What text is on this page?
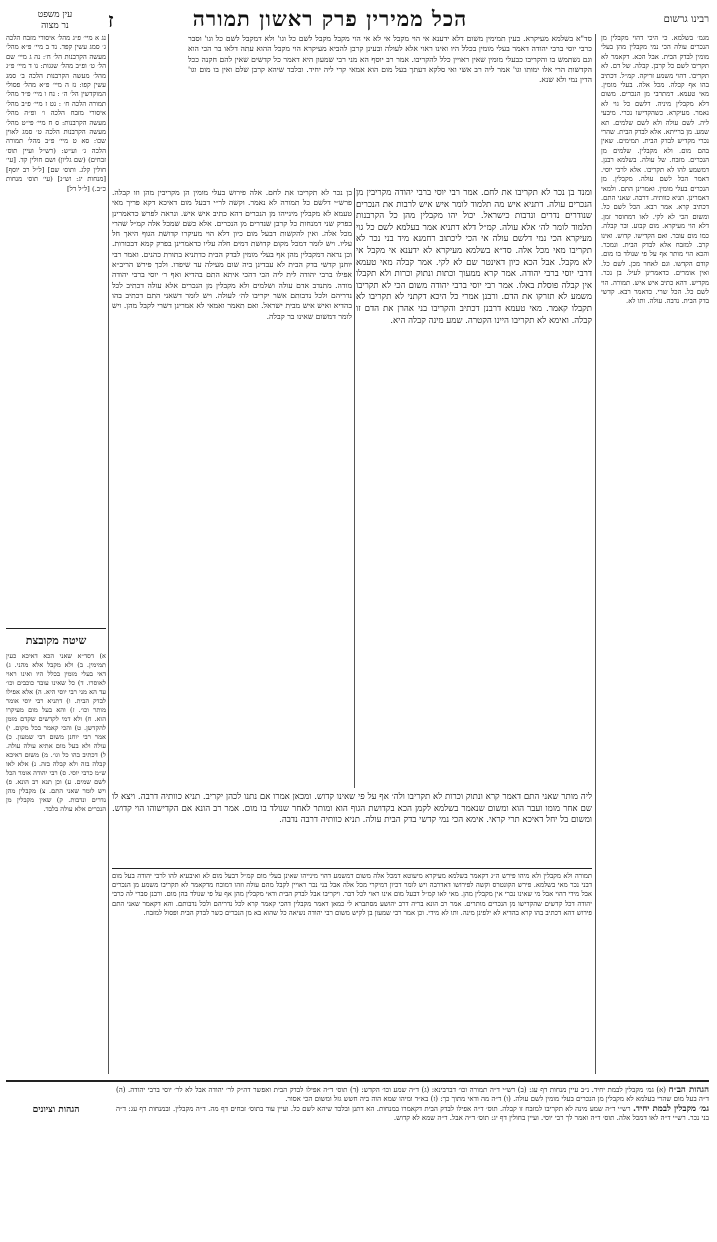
רבינו גרשום
הכל ממירין פרק ראשון תמורה
ז
עין משפט
נר מצוה

סד"א בשלמא מעיקרא. כעין תמימין משום דלא ידענא אי הוי מקבל אי לא אי הוי מקבל מקבל לשם כל וגו' ולא דמקבל לשם כל וגו' וסבר כרבי יוסי ברבי יהודה דאמר בעלי מומין בכלל היו ואינו ראוי אלא לעולה ובעינן קרבן להביא מעיקרא הוי מקבל ההוא עתה דלאו בר הכי הוא וגם נשתמש בו והקריבו כבעלי מומין שאין ראויין כלל להקריבו. אמר רב יוסף הא מני רבי שמעון היא דאמר כל קדשים שאין להם חקנה ככל הקדשות הרי אלו ימותו וגו' אמר ליה רב אשי ואי סלקא דעתך בעל מום הוא אמאי קרי ליה יחיד. ובלבד שיהא קרבן שלם ואין בו מום וגו' הדין נמי ולא שנא.

מגמ׳ בשלמא. כי היכי דהוי מקבלין מן הנכרים עולה הכי נמי מקבלין מהן בעלי מומין לבדק הבית. אבל הכא. דקאמר לא תקריבו לשם כל קרבן. קבלה. של דם. לא תקריבו. דהוי משמע זריקה. קמ״ל. דכתיב בהו אף קבלה. מכל אלה. בעלי מומין. מאי טעמא. דמתרבי מן הנכרים. משום דלא מקבלין מיניה. דלשם כל גוי לא נאמר. מעיקרא. כשהקדישו נכרי. מיבעי ליה. לשם עולה ולא לשם שלמים. תא שמע. מן ברייתא. אלא לבדק הבית. שהרי נכרי מקדיש לבדק הבית. תמימים. שאין בהם מום. ולא מקבלין. שלמים מן הנכרים. מזבח. של עולה. בשלמא רבנן. דמשמע להו לא תקריבו. אלא לרבי יוסי. דאמר הכל לשם עולה. מקבלין. מן הנכרים בעלי מומין. ואמרינן התם. ולמאי דאמרינן. תניא כוותיה. דרבה. שאני התם. דכתיב קרא. אמר רבא. הכל לשם כל. ומשום הכי לא לקי. לאו דמחוסר זמן. דלא הוי מעיקרא. מום קבוע. ובר קבלה. כמו מום עובר. ואם הקדישו. קדוש. ואינו קרב. למזבח אלא לבדק הבית. ונמכר. והכא הוי מותר אף על פי שנולד בו מום. קודם הקדשו. וגם לאחר מכן. לשם כל. ואין אומרים. כדאמרינן לעיל. בן נכר. מקדיש. דהא כתיב איש איש. תמורה. הוי לשם כל. הכל שרי. כדאמר רבא. קדשי בדק הבית. נדבה. עולה. ותו לא.

ומנד בן נכר לא תקריבו את לחם. אמר רבי יוסי ברבי יהודה מקריבין מן הנכרים עולה. דתניא איש מה תלמוד לומר איש איש לרבות את הנכרים שנודרים נדרים ונדבות כישראל. יכול יהו מקבלין מהן כל הקרבנות תלמוד לומר לה׳ אלא עולה. קמ״ל דלא דתניא אמר בעלמא לשם כל גוי מעיקרא הכי נמי דלשם עולה אי הכי ליכתוב רחמנא מיד בני נכר לא תקריבו מאי מכל אלה. סד״א בשלמא מעיקרא לא ידענא אי מקבל אי לא מקבל. אבל הכא כיון דאינטר שם לא לקי. אמר קבלה מאי טעמא דרבי יוסי ברבי יהודה. אמר קרא ממעוך וכתות ונתוק וכרות ולא תקבלו אין קבלה פוסלת באלו. אמר רבי יוסי ברבי יהודה משום הכי לא תקריבו משמע לא תזרקו את הדם. ורבנן אמרי כל היכא דקתני לא תקריבו לא תקבלו קאמר. מאי טעמא דרבנן דכתיב והקריבו בני אהרן את הדם זו קבלה. ואימא לא תקריבו היינו הקטרה. שמע מינה קבלה היא.

בן נכר לא תקריבו את לחם. אלה פירוש בעלי מומין הן מקריבין מהן וזו קבלה. פרש״י דלשם כל תמורה לא נאמר. וקשה לר״י דבעל מום דאיכא דקא פריך מאי טעמא לא מקבלין מינייהו מן הנכרים דהא כתיב איש איש. ונראה לפרש כדאמרינן בפרק שני דמנחות כל קרבן שנדרים מן הנכרים. אלא כשם שמכל אלה קמ״ל שהרי מכל אלה. ואין להקשות דבעל מום כיון דלא הוי מעיקרו קדושת הגוף היאך חל עליו. ויש לומר דמכל מקום קדושת דמים חלה עליו כדאמרינן בפרק קמא דבכורות. וכן נראה דמקבלין מהן אף בעלי מומין לבדק הבית כדתניא בתורת כהנים. ואמר רבי יוחנן קדשי בדק הבית לא עבדינן ביה שום מעילה עד שיפדו. ולכך פירש הריב״א אפילו ברבי יהודה לית ליה הכי דהכי איתא התם בהדיא ואף ר׳ יוסי ברבי יהודה מודה. מתנדב אדם עולה ושלמים ולא מקבלין מן הנכרים אלא עולה דכתיב לכל נדריהם ולכל נדבותם אשר יקריבו לה׳ לעולה. ויש לומר דשאני התם דכתיב בהו בהדיא ואיש איש מבית ישראל. ואם תאמר ואמאי לא אמרינן דשרי לקבל מהן. ויש לומר דמשום שאינו בר קבלה.

ליה מותר שאני התם דאמר קרא ונתוק וכרות לא תקריבו ולה׳ אף על פי שאינו קדוש. ומכאן אמרו אם נתנו לכהן יקריב. תניא כוותיה דרבה. ויצא לו שם אחר מומו ועבר הוא ומשום שנאמר בשלמא לקמן הכא בקדושת הגוף הוא ומותר לאחר שנולד בו מום. אמר רב הונא אם הקדישוהו הוי קדוש. ומשום בל יחל דאיכא תרי קראי. אימא הכי נמי קדשי בדק הבית עולה. תניא כוותיה דרבה נדבה.

תמורה ולא מקבלין ולא מיהו פירש ה״ג דקאמר בשלמא מעיקרא מיעוטא דמכל אלה משום דמשמע דהוי מינייהו שאינן בעלי מום קמ״ל דבעל מום לא ואיבעיא להו לרבי יהודה בעל מום דבני נכר מאי בשלמא. פירש הקונטרס וקשה לפירושו דאדרבה ויש לומר דכיון דמיקרי מכל אלה אבל בני נכר ראויין לקבל מהם עולה וזהו דמוכח מדקאמר לא תקריבו משמע מן הנכרים אבל מידי דהוי אבל מי שאינו נכרי אין מקבלין מהן. מאי לאו קמ״ל דבעל מום אינו ראוי לכל דבר. ויקריבו אבל לבדק הבית ודאי מקבלין מהן אף על פי שנולד בהן מום. ורבנן סברי לה כרבי יהודה דכל קדשים שהקדישו מן הנכרים מותרים. אמר רב הונא בריה דרב יהושע מסתברא לי כמאן דאמר מקבלין דהכי קאמר קרא לכל נדריהם ולכל נדבותם. והא דקאמר שאני התם פירוש דהא דכתיב בהו קרא בהדיא לא ילפינן מינה. ותו לא מידי. וכן אמר רבי שמעון בן לקיש משום רבי יהודה נשיאה כל שהוא בא מן הנכרים כשר לבדק הבית ופסול למזבח.

נג א מיי׳ פ״ג מהל׳ איסורי מזבח הלכה ג׳ סמג עשין קפד. נד ב מיי׳ פ״א מהל׳ מעשה הקרבנות הל׳ ח׳: נה ג מיי׳ שם הל׳ ט׳ ופ״ב מהל׳ שגגות: נו ד מיי׳ פ״ג מהל׳ מעשה הקרבנות הלכה ב׳ סמג עשין קפו: נז ה מיי׳ פ״א מהל׳ פסולי המוקדשין הל׳ ה׳ : נח ו מיי׳ פ״ד מהל׳ תמורה הלכה ח׳ : נט ז מיי׳ פ״ב מהל׳ איסורי מזבח הלכה ו׳ ופ״ה מהל׳ מעשה הקרבנות: ס ח מיי׳ פי״ט מהל׳ מעשה הקרבנות הלכה ט׳ סמג לאוין שכו: סא ט מיי׳ פ״ב מהל׳ תמורה הלכה ג׳ וע״ש: (רש״ל ועיין תוס׳ זבחים) (שם גליון) ושם חולין קד. [עי׳ חולין קלג. ותוס׳ שם] [ל״ל רב יוסף] [מנחות יג: וש״נ] (עי׳ תוס׳ מנחות כ״ב.) [ל״ל דל]

שיטה מקובצת

א) דסד״א שאני הכא דאיכא כעין תמימין. ב) ולא מקבל אלא מהני. ג) דאי בעלי מומין בכלל היו ואינו ראוי לאוסרו. ד) כל שאינו עובד כוכבים וכו׳ עד הא מני רבי יוסי היא. ה) אלא אפילו לבדק הבית. ו) דתניא רבי יוסי אומר מותר וכו׳. ז) והא בעל מום מעיקרו הוא. ח) ולא דמי לקדשים שקדם מומן להקדשן. ט) והכי קאמר בכל מקום. י) אמר רבי יוחנן משום רבי שמעון. כ) עולה ולא בעל מום אתיא עולה עולה. ל) דכתיב בהו כל וגו׳. מ) משום דאיכא קבלה בזה ולא קבלה בזה. נ) אלא לאו ש״מ כרבי יוסי. ס) רבי יהודה אומר הכל לשם שמים. ע) וכן תנא רב הונא. פ) ויש לומר שאני התם. צ) מקבלין מהן נדרים ונדבות. ק) שאין מקבלין מן הנכרים אלא עולה בלבד.

הגהות וציונים
הגהות הב״ח (א) גמ׳ מקבלין לבמת יחיד. נ״ב עיין מנחות דף עג: (ב) רש״י ד״ה תמורה וכו׳ דברבינא: (ג) ד״ה שמע וכו׳ הקדש: (ד) תוס׳ ד״ה אפילו לבדק הבית ואפשר דה״ק לר׳ יהודה אבל לא לר׳ יוסי ברבי יהודה. (ה) ד״ה בעל מום שהרי בעלמא לא מקבלין מן הנכרים בעלי מומין לשם עולה. (ו) ד״ה מה ודאי מתוך כך: (ז) בא״ד ומיהו שמא הוה ביה חשש גזל ומשום הכי אסור.
גמ׳ מקבלין לבמת יחיד. רש״י ד״ה שמע מינה לא תקריבו למזבח זו קבלה. תוס׳ ד״ה אפילו לבדק הבית דקאמרו במנחות. הא דתנן ובלבד שיהא לשם כל. ועיין עוד בתוס׳ זבחים דף מה. ד״ה מקבלין. ובמנחות דף עג: ד״ה בני נכר. רש״י ד״ה לאו דמכל אלה. תוס׳ ד״ה ואמר לך רבי יוסי. ועיין בחולין דף יג: תוס׳ ד״ה אבל. ד״ה שמא לא קדוש.
